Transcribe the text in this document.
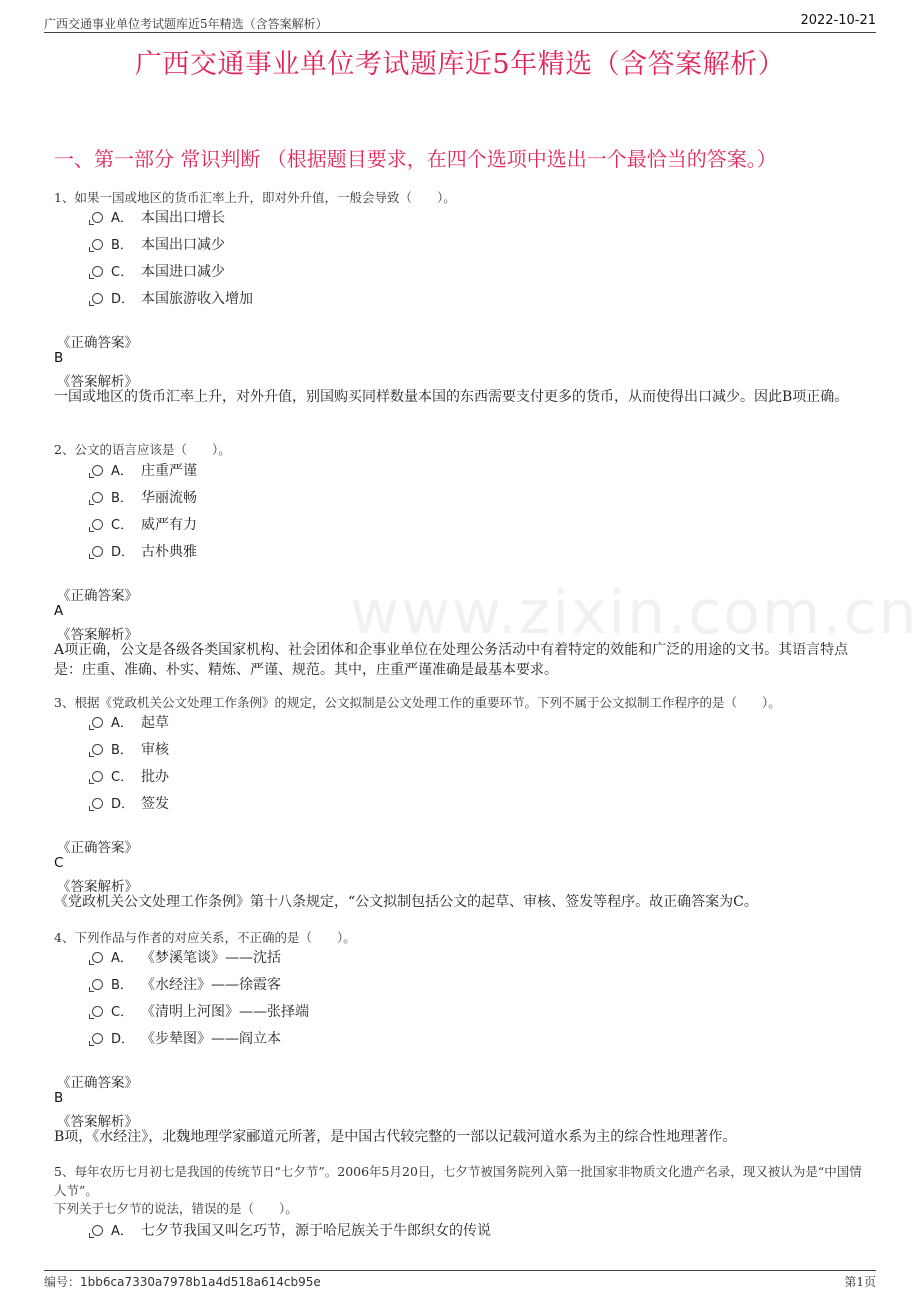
广西交通事业单位考试题库近5年精选（含答案解析）	2022-10-21
广西交通事业单位考试题库近5年精选（含答案解析）
一、第一部分 常识判断 （根据题目要求，在四个选项中选出一个最恰当的答案。）
www.zixin.com.cn
1、如果一国或地区的货币汇率上升，即对外升值，一般会导致（　　）。
A． 本国出口增长
B． 本国出口减少
C． 本国进口减少
D． 本国旅游收入增加
《正确答案》
B
《答案解析》
一国或地区的货币汇率上升，对外升值，别国购买同样数量本国的东西需要支付更多的货币，从而使得出口减少。因此B项正确。
2、公文的语言应该是（　　）。
A． 庄重严谨
B． 华丽流畅
C． 威严有力
D． 古朴典雅
《正确答案》
A
《答案解析》
A项正确，公文是各级各类国家机构、社会团体和企事业单位在处理公务活动中有着特定的效能和广泛的用途的文书。其语言特点是：庄重、准确、朴实、精炼、严谨、规范。其中，庄重严谨准确是最基本要求。
3、根据《党政机关公文处理工作条例》的规定，公文拟制是公文处理工作的重要环节。下列不属于公文拟制工作程序的是（　　）。
A． 起草
B． 审核
C． 批办
D． 签发
《正确答案》
C
《答案解析》
《党政机关公文处理工作条例》第十八条规定，“公文拟制包括公文的起草、审核、签发等程序。故正确答案为C。
4、下列作品与作者的对应关系，不正确的是（　　）。
A． 《梦溪笔谈》——沈括
B． 《水经注》——徐霞客
C． 《清明上河图》——张择端
D． 《步辇图》——阎立本
《正确答案》
B
《答案解析》
B项，《水经注》，北魏地理学家郦道元所著，是中国古代较完整的一部以记载河道水系为主的综合性地理著作。
5、每年农历七月初七是我国的传统节日“七夕节”。2006年5月20日，七夕节被国务院列入第一批国家非物质文化遗产名录，现又被认为是“中国情人节”。
下列关于七夕节的说法，错误的是（　　）。
A． 七夕节我国又叫乞巧节，源于哈尼族关于牛郎织女的传说
编号：1bb6ca7330a7978b1a4d518a614cb95e	第1页
